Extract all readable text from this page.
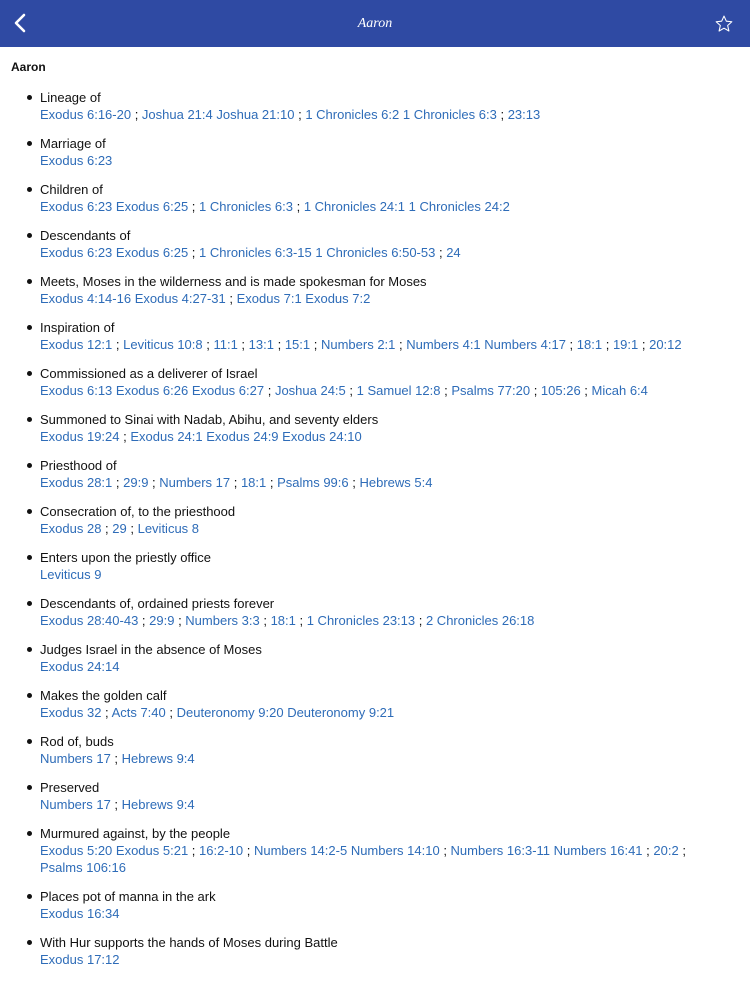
Aaron
Aaron
Lineage of
Exodus 6:16-20 ; Joshua 21:4 Joshua 21:10 ; 1 Chronicles 6:2 1 Chronicles 6:3 ; 23:13
Marriage of
Exodus 6:23
Children of
Exodus 6:23 Exodus 6:25 ; 1 Chronicles 6:3 ; 1 Chronicles 24:1 1 Chronicles 24:2
Descendants of
Exodus 6:23 Exodus 6:25 ; 1 Chronicles 6:3-15 1 Chronicles 6:50-53 ; 24
Meets, Moses in the wilderness and is made spokesman for Moses
Exodus 4:14-16 Exodus 4:27-31 ; Exodus 7:1 Exodus 7:2
Inspiration of
Exodus 12:1 ; Leviticus 10:8 ; 11:1 ; 13:1 ; 15:1 ; Numbers 2:1 ; Numbers 4:1 Numbers 4:17 ; 18:1 ; 19:1 ; 20:12
Commissioned as a deliverer of Israel
Exodus 6:13 Exodus 6:26 Exodus 6:27 ; Joshua 24:5 ; 1 Samuel 12:8 ; Psalms 77:20 ; 105:26 ; Micah 6:4
Summoned to Sinai with Nadab, Abihu, and seventy elders
Exodus 19:24 ; Exodus 24:1 Exodus 24:9 Exodus 24:10
Priesthood of
Exodus 28:1 ; 29:9 ; Numbers 17 ; 18:1 ; Psalms 99:6 ; Hebrews 5:4
Consecration of, to the priesthood
Exodus 28 ; 29 ; Leviticus 8
Enters upon the priestly office
Leviticus 9
Descendants of, ordained priests forever
Exodus 28:40-43 ; 29:9 ; Numbers 3:3 ; 18:1 ; 1 Chronicles 23:13 ; 2 Chronicles 26:18
Judges Israel in the absence of Moses
Exodus 24:14
Makes the golden calf
Exodus 32 ; Acts 7:40 ; Deuteronomy 9:20 Deuteronomy 9:21
Rod of, buds
Numbers 17 ; Hebrews 9:4
Preserved
Numbers 17 ; Hebrews 9:4
Murmured against, by the people
Exodus 5:20 Exodus 5:21 ; 16:2-10 ; Numbers 14:2-5 Numbers 14:10 ; Numbers 16:3-11 Numbers 16:41 ; 20:2 ; Psalms 106:16
Places pot of manna in the ark
Exodus 16:34
With Hur supports the hands of Moses during Battle
Exodus 17:12
